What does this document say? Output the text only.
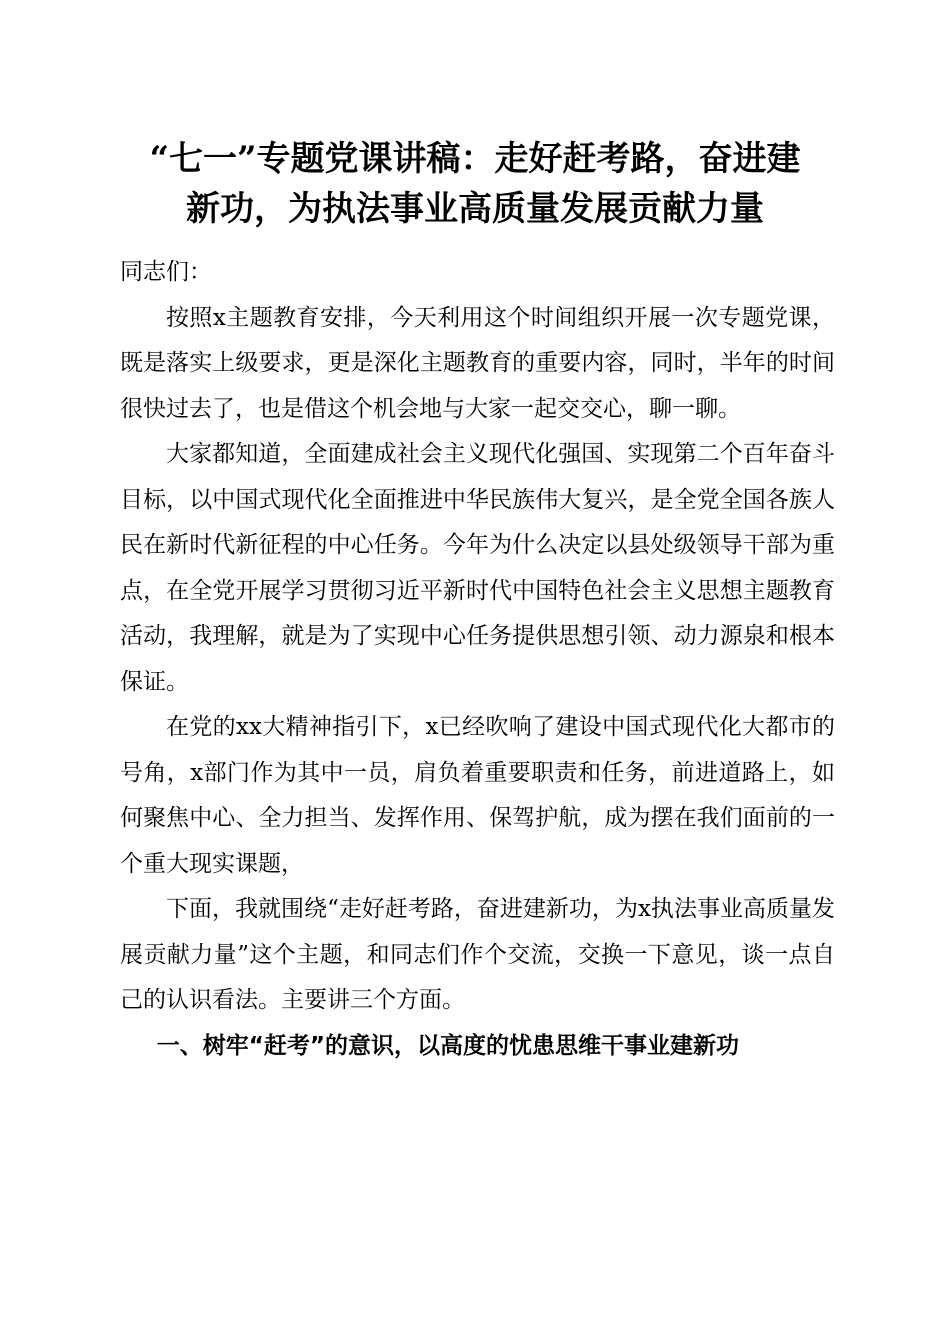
“七一”专题党课讲稿：走好赶考路，奋进建
新功，为执法事业高质量发展贡献力量

同志们：

按照x主题教育安排，今天利用这个时间组织开展一次专题党课，既是落实上级要求，更是深化主题教育的重要内容，同时，半年的时间很快过去了，也是借这个机会地与大家一起交交心，聊一聊。

大家都知道，全面建成社会主义现代化强国、实现第二个百年奋斗目标，以中国式现代化全面推进中华民族伟大复兴，是全党全国各族人民在新时代新征程的中心任务。今年为什么决定以县处级领导干部为重点，在全党开展学习贯彻习近平新时代中国特色社会主义思想主题教育活动，我理解，就是为了实现中心任务提供思想引领、动力源泉和根本保证。

在党的xx大精神指引下，x已经吹响了建设中国式现代化大都市的号角，x部门作为其中一员，肩负着重要职责和任务，前进道路上，如何聚焦中心、全力担当、发挥作用、保驾护航，成为摆在我们面前的一个重大现实课题，

下面，我就围绕“走好赶考路，奋进建新功，为x执法事业高质量发展贡献力量”这个主题，和同志们作个交流，交换一下意见，谈一点自己的认识看法。主要讲三个方面。

一、树牢“赶考”的意识，以高度的忧患思维干事业建新功
